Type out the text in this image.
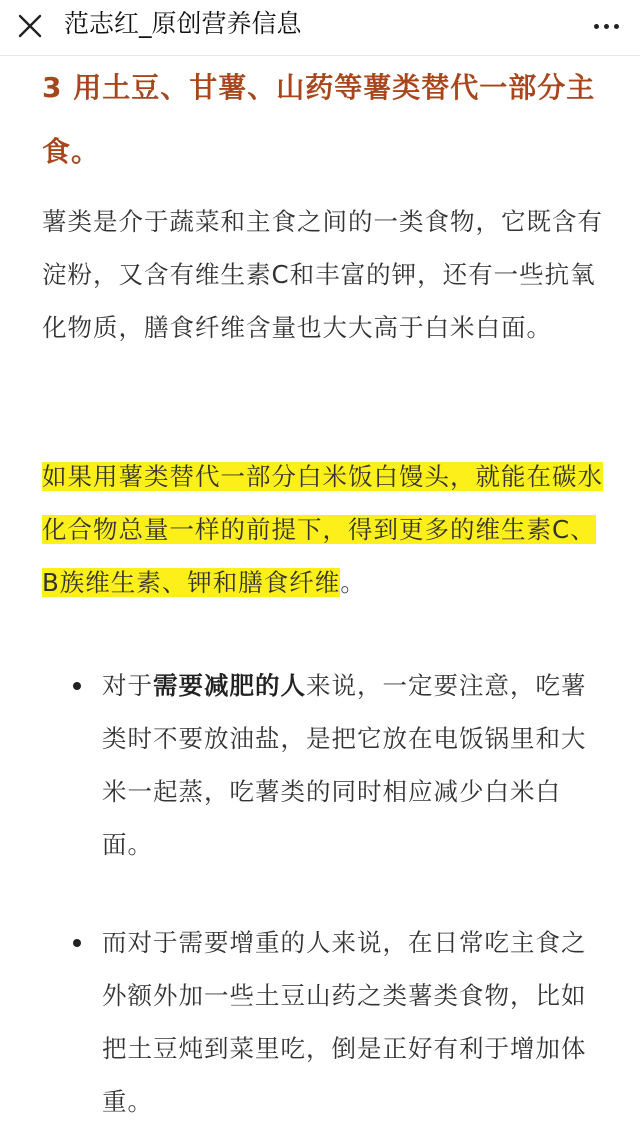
范志红_原创营养信息
3 用土豆、甘薯、山药等薯类替代一部分主食。

薯类是介于蔬菜和主食之间的一类食物，它既含有淀粉，又含有维生素C和丰富的钾，还有一些抗氧化物质，膳食纤维含量也大大高于白米白面。

如果用薯类替代一部分白米饭白馒头，就能在碳水化合物总量一样的前提下，得到更多的维生素C、B族维生素、钾和膳食纤维。

对于需要减肥的人来说，一定要注意，吃薯类时不要放油盐，是把它放在电饭锅里和大米一起蒸，吃薯类的同时相应减少白米白面。

而对于需要增重的人来说，在日常吃主食之外额外加一些土豆山药之类薯类食物，比如把土豆炖到菜里吃，倒是正好有利于增加体重。
